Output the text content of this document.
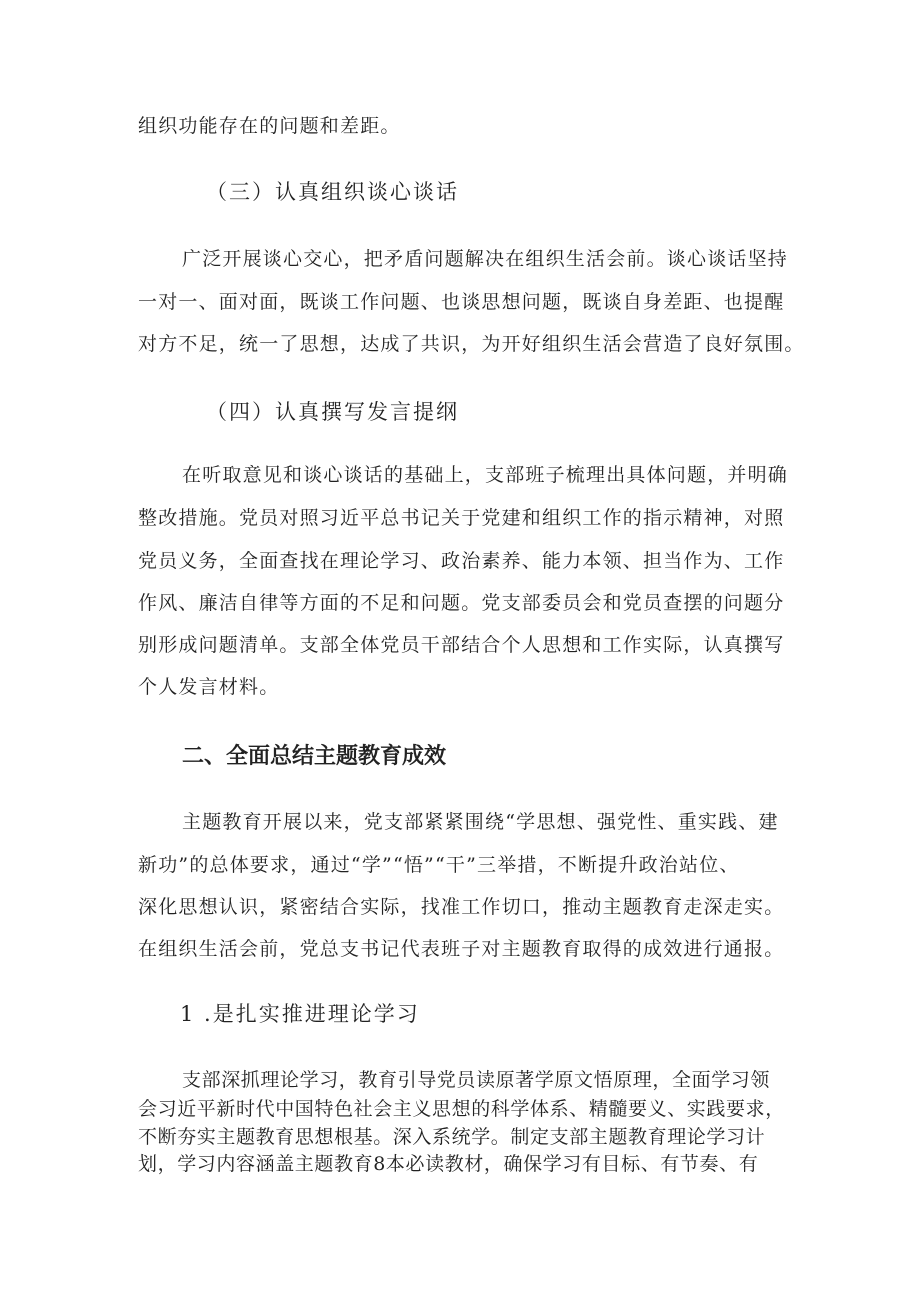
组织功能存在的问题和差距。
（三）认真组织谈心谈话
广泛开展谈心交心，把矛盾问题解决在组织生活会前。谈心谈话坚持
一对一、面对面，既谈工作问题、也谈思想问题，既谈自身差距、也提醒
对方不足，统一了思想，达成了共识，为开好组织生活会营造了良好氛围。
（四）认真撰写发言提纲
在听取意见和谈心谈话的基础上，支部班子梳理出具体问题，并明确
整改措施。党员对照习近平总书记关于党建和组织工作的指示精神，对照
党员义务，全面查找在理论学习、政治素养、能力本领、担当作为、工作
作风、廉洁自律等方面的不足和问题。党支部委员会和党员查摆的问题分
别形成问题清单。支部全体党员干部结合个人思想和工作实际，认真撰写
个人发言材料。
二、全面总结主题教育成效
主题教育开展以来，党支部紧紧围绕“学思想、强党性、重实践、建
新功”的总体要求，通过“学”“悟”“干”三举措，不断提升政治站位、
深化思想认识，紧密结合实际，找准工作切口，推动主题教育走深走实。
在组织生活会前，党总支书记代表班子对主题教育取得的成效进行通报。
1 .是扎实推进理论学习
支部深抓理论学习，教育引导党员读原著学原文悟原理，全面学习领
会习近平新时代中国特色社会主义思想的科学体系、精髓要义、实践要求，
不断夯实主题教育思想根基。深入系统学。制定支部主题教育理论学习计
划，学习内容涵盖主题教育8本必读教材，确保学习有目标、有节奏、有
